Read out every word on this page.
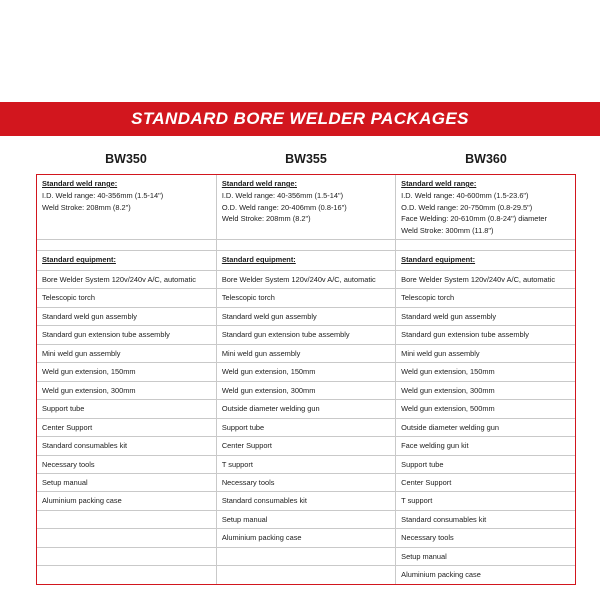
STANDARD BORE WELDER PACKAGES
BW350	BW355	BW360
Standard weld range:
I.D. Weld range: 40-356mm (1.5-14")
Weld Stroke: 208mm (8.2")	Standard weld range:
I.D. Weld range: 40-356mm (1.5-14")
O.D. Weld range: 20-406mm (0.8-16")
Weld Stroke: 208mm (8.2")	Standard weld range:
I.D. Weld range: 40-600mm (1.5-23.6")
O.D. Weld range: 20-750mm (0.8-29.5")
Face Welding: 20-610mm (0.8-24") diameter
Weld Stroke: 300mm (11.8")

Standard equipment:	Standard equipment:	Standard equipment:

Bore Welder System 120v/240v A/C, automatic	Bore Welder System 120v/240v A/C, automatic	Bore Welder System 120v/240v A/C, automatic
Telescopic torch	Telescopic torch	Telescopic torch
Standard weld gun assembly	Standard weld gun assembly	Standard weld gun assembly
Standard gun extension tube assembly	Standard gun extension tube assembly	Standard gun extension tube assembly
Mini weld gun assembly	Mini weld gun assembly	Mini weld gun assembly
Weld gun extension, 150mm	Weld gun extension, 150mm	Weld gun extension, 150mm
Weld gun extension, 300mm	Weld gun extension, 300mm	Weld gun extension, 300mm
Support tube	Outside diameter welding gun	Weld gun extension, 500mm
Center Support	Support tube	Outside diameter welding gun
Standard consumables kit	Center Support	Face welding gun kit
Necessary tools	T support	Support tube
Setup manual	Necessary tools	Center Support
Aluminium packing case	Standard consumables kit	T support
	Setup manual	Standard consumables kit
	Aluminium packing case	Necessary tools
		Setup manual
		Aluminium packing case
